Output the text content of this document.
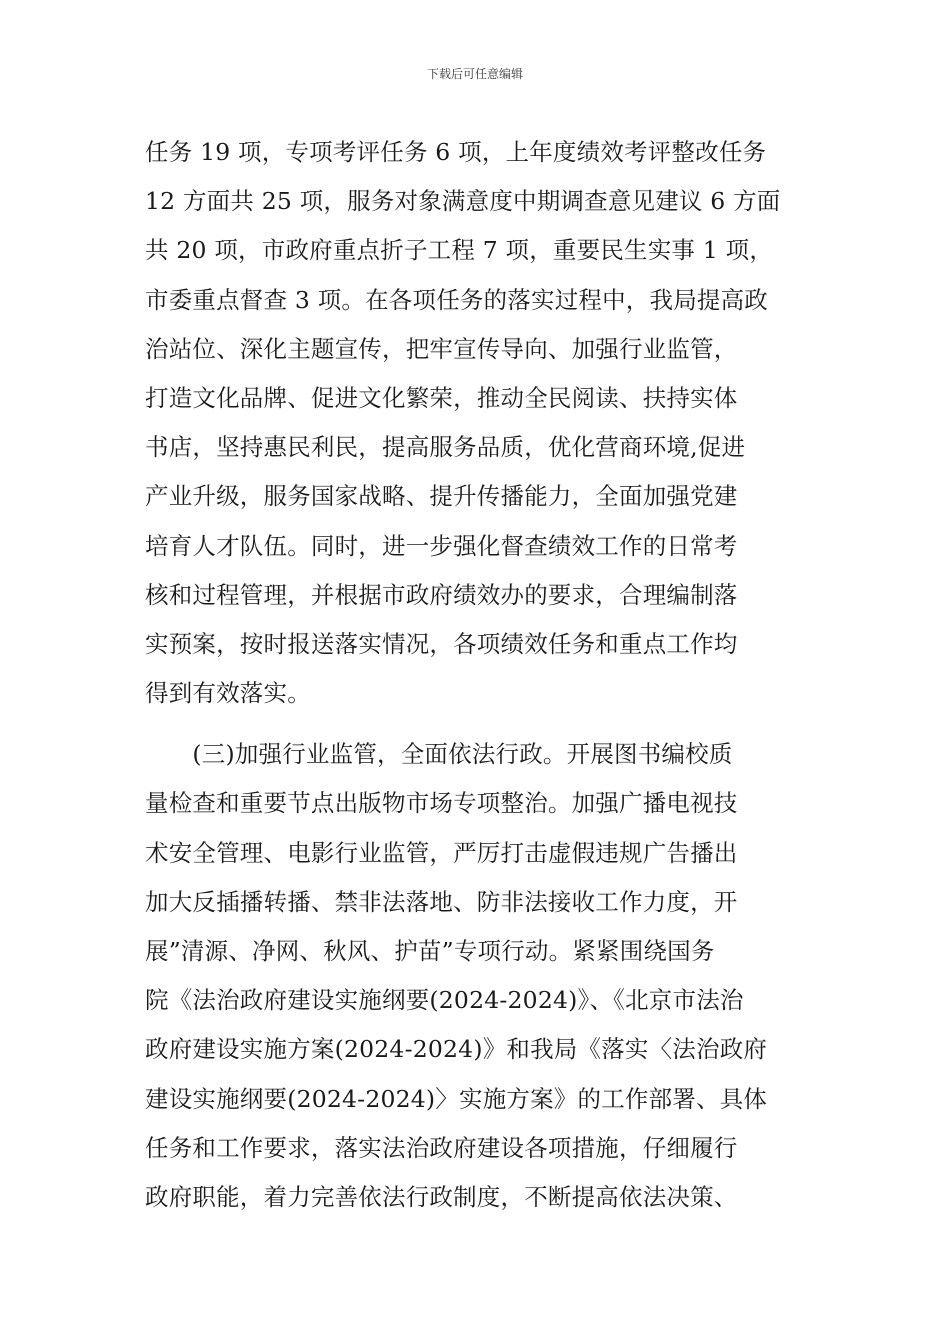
下载后可任意编辑
任务 19 项，专项考评任务 6 项，上年度绩效考评整改任务
12 方面共 25 项，服务对象满意度中期调查意见建议 6 方面
共 20 项，市政府重点折子工程 7 项，重要民生实事 1 项，
市委重点督查 3 项。在各项任务的落实过程中，我局提高政
治站位、深化主题宣传，把牢宣传导向、加强行业监管，
打造文化品牌、促进文化繁荣，推动全民阅读、扶持实体
书店，坚持惠民利民，提高服务品质，优化营商环境,促进
产业升级，服务国家战略、提升传播能力，全面加强党建
培育人才队伍。同时，进一步强化督查绩效工作的日常考
核和过程管理，并根据市政府绩效办的要求，合理编制落
实预案，按时报送落实情况，各项绩效任务和重点工作均
得到有效落实。
　　(三)加强行业监管，全面依法行政。开展图书编校质
量检查和重要节点出版物市场专项整治。加强广播电视技
术安全管理、电影行业监管，严厉打击虚假违规广告播出
加大反插播转播、禁非法落地、防非法接收工作力度，开
展”清源、净网、秋风、护苗”专项行动。紧紧围绕国务
院《法治政府建设实施纲要(2024-2024)》、《北京市法治
政府建设实施方案(2024-2024)》和我局《落实〈法治政府
建设实施纲要(2024-2024)〉实施方案》的工作部署、具体
任务和工作要求，落实法治政府建设各项措施，仔细履行
政府职能，着力完善依法行政制度，不断提高依法决策、
